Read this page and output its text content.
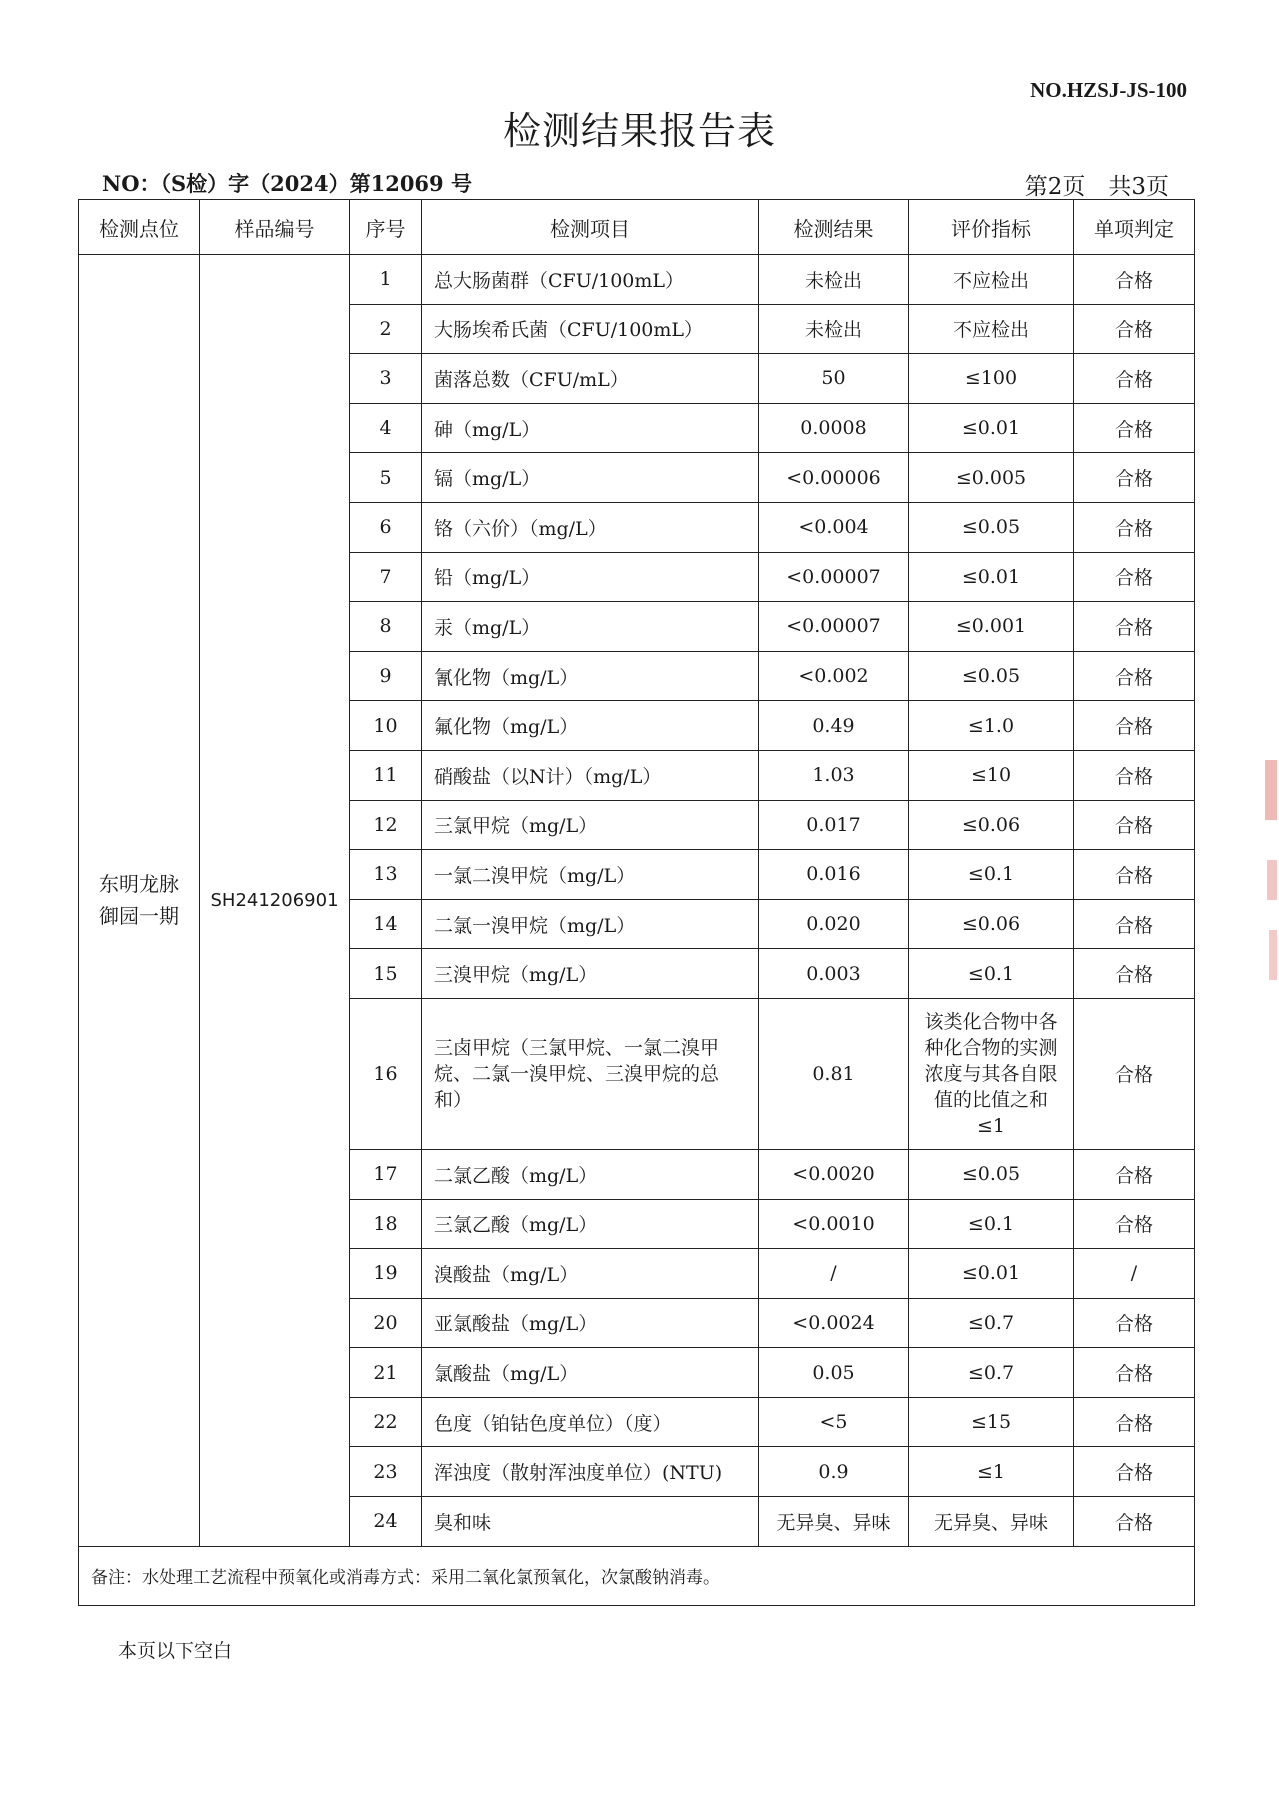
NO.HZSJ-JS-100
检测结果报告表
NO：（S检）字（2024）第12069 号	第2页　共3页
检测点位	样品编号	序号	检测项目	检测结果	评价指标	单项判定
东明龙脉御园一期	SH241206901	1	总大肠菌群（CFU/100mL）	未检出	不应检出	合格
		2	大肠埃希氏菌（CFU/100mL）	未检出	不应检出	合格
		3	菌落总数（CFU/mL）	50	≤100	合格
		4	砷（mg/L）	0.0008	≤0.01	合格
		5	镉（mg/L）	<0.00006	≤0.005	合格
		6	铬（六价）（mg/L）	<0.004	≤0.05	合格
		7	铅（mg/L）	<0.00007	≤0.01	合格
		8	汞（mg/L）	<0.00007	≤0.001	合格
		9	氰化物（mg/L）	<0.002	≤0.05	合格
		10	氟化物（mg/L）	0.49	≤1.0	合格
		11	硝酸盐（以N计）（mg/L）	1.03	≤10	合格
		12	三氯甲烷（mg/L）	0.017	≤0.06	合格
		13	一氯二溴甲烷（mg/L）	0.016	≤0.1	合格
		14	二氯一溴甲烷（mg/L）	0.020	≤0.06	合格
		15	三溴甲烷（mg/L）	0.003	≤0.1	合格
		16	三卤甲烷（三氯甲烷、一氯二溴甲烷、二氯一溴甲烷、三溴甲烷的总和）	0.81	该类化合物中各种化合物的实测浓度与其各自限值的比值之和≤1	合格
		17	二氯乙酸（mg/L）	<0.0020	≤0.05	合格
		18	三氯乙酸（mg/L）	<0.0010	≤0.1	合格
		19	溴酸盐（mg/L）	/	≤0.01	/
		20	亚氯酸盐（mg/L）	<0.0024	≤0.7	合格
		21	氯酸盐（mg/L）	0.05	≤0.7	合格
		22	色度（铂钴色度单位）（度）	<5	≤15	合格
		23	浑浊度（散射浑浊度单位）(NTU)	0.9	≤1	合格
		24	臭和味	无异臭、异味	无异臭、异味	合格
备注：水处理工艺流程中预氧化或消毒方式：采用二氧化氯预氧化，次氯酸钠消毒。						
本页以下空白
